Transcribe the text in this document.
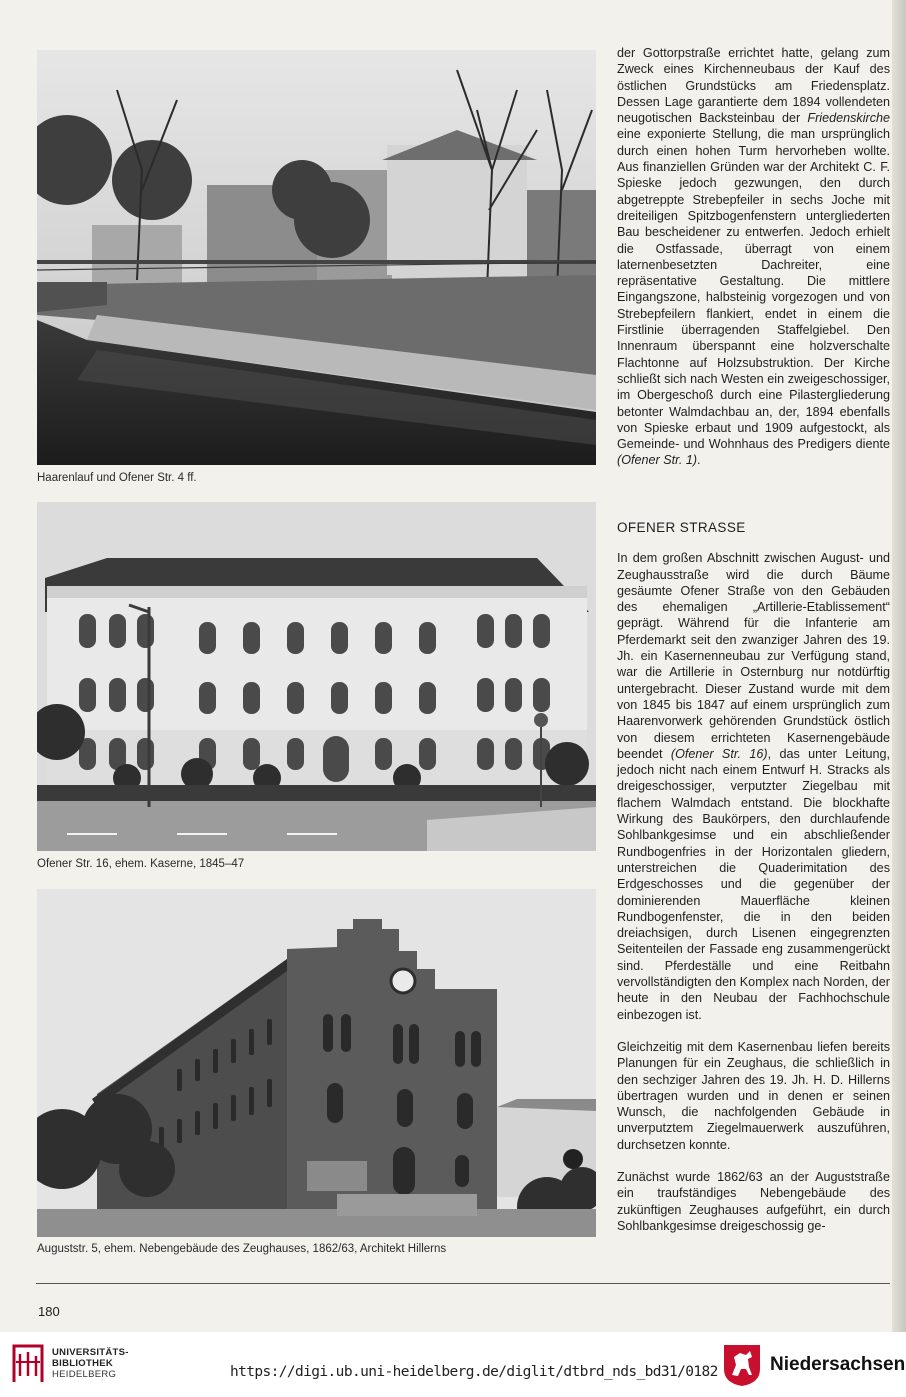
Haarenlauf und Ofener Str. 4 ff.
Ofener Str. 16, ehem. Kaserne, 1845–47
Auguststr. 5, ehem. Nebengebäude des Zeughauses, 1862/63, Architekt Hillerns

der Gottorpstraße errichtet hatte, gelang zum Zweck eines Kirchenneubaus der Kauf des östlichen Grundstücks am Friedensplatz. Dessen Lage garantierte dem 1894 vollendeten neugotischen Backsteinbau der Friedenskirche eine exponierte Stellung, die man ursprünglich durch einen hohen Turm hervorheben wollte. Aus finanziellen Gründen war der Architekt C. F. Spieske jedoch gezwungen, den durch abgetreppte Strebepfeiler in sechs Joche mit dreiteiligen Spitzbogenfenstern untergliederten Bau bescheidener zu entwerfen. Jedoch erhielt die Ostfassade, überragt von einem laternenbesetzten Dachreiter, eine repräsentative Gestaltung. Die mittlere Eingangszone, halbsteinig vorgezogen und von Strebepfeilern flankiert, endet in einem die Firstlinie überragenden Staffelgiebel. Den Innenraum überspannt eine holzverschalte Flachtonne auf Holzsubstruktion. Der Kirche schließt sich nach Westen ein zweigeschossiger, im Obergeschoß durch eine Pilastergliederung betonter Walmdachbau an, der, 1894 ebenfalls von Spieske erbaut und 1909 aufgestockt, als Gemeinde- und Wohnhaus des Predigers diente (Ofener Str. 1).

OFENER STRASSE

In dem großen Abschnitt zwischen August- und Zeughausstraße wird die durch Bäume gesäumte Ofener Straße von den Gebäuden des ehemaligen „Artillerie-Etablissement“ geprägt. Während für die Infanterie am Pferdemarkt seit den zwanziger Jahren des 19. Jh. ein Kasernenneubau zur Verfügung stand, war die Artillerie in Osternburg nur notdürftig untergebracht. Dieser Zustand wurde mit dem von 1845 bis 1847 auf einem ursprünglich zum Haarenvorwerk gehörenden Grundstück östlich von diesem errichteten Kasernengebäude beendet (Ofener Str. 16), das unter Leitung, jedoch nicht nach einem Entwurf H. Stracks als dreigeschossiger, verputzter Ziegelbau mit flachem Walmdach entstand. Die blockhafte Wirkung des Baukörpers, den durchlaufende Sohlbankgesimse und ein abschließender Rundbogenfries in der Horizontalen gliedern, unterstreichen die Quaderimitation des Erdgeschosses und die gegenüber der dominierenden Mauerfläche kleinen Rundbogenfenster, die in den beiden dreiachsigen, durch Lisenen eingegrenzten Seitenteilen der Fassade eng zusammengerückt sind. Pferdeställe und eine Reitbahn vervollständigten den Komplex nach Norden, der heute in den Neubau der Fachhochschule einbezogen ist.

Gleichzeitig mit dem Kasernenbau liefen bereits Planungen für ein Zeughaus, die schließlich in den sechziger Jahren des 19. Jh. H. D. Hillerns übertragen wurden und in denen er seinen Wunsch, die nachfolgenden Gebäude in unverputztem Ziegelmauerwerk auszuführen, durchsetzen konnte.

Zunächst wurde 1862/63 an der Auguststraße ein traufständiges Nebengebäude des zukünftigen Zeughauses aufgeführt, ein durch Sohlbankgesimse dreigeschossig ge-

180
UNIVERSITÄTS-
BIBLIOTHEK
HEIDELBERG	https://digi.ub.uni-heidelberg.de/diglit/dtbrd_nds_bd31/0182	Niedersachsen
